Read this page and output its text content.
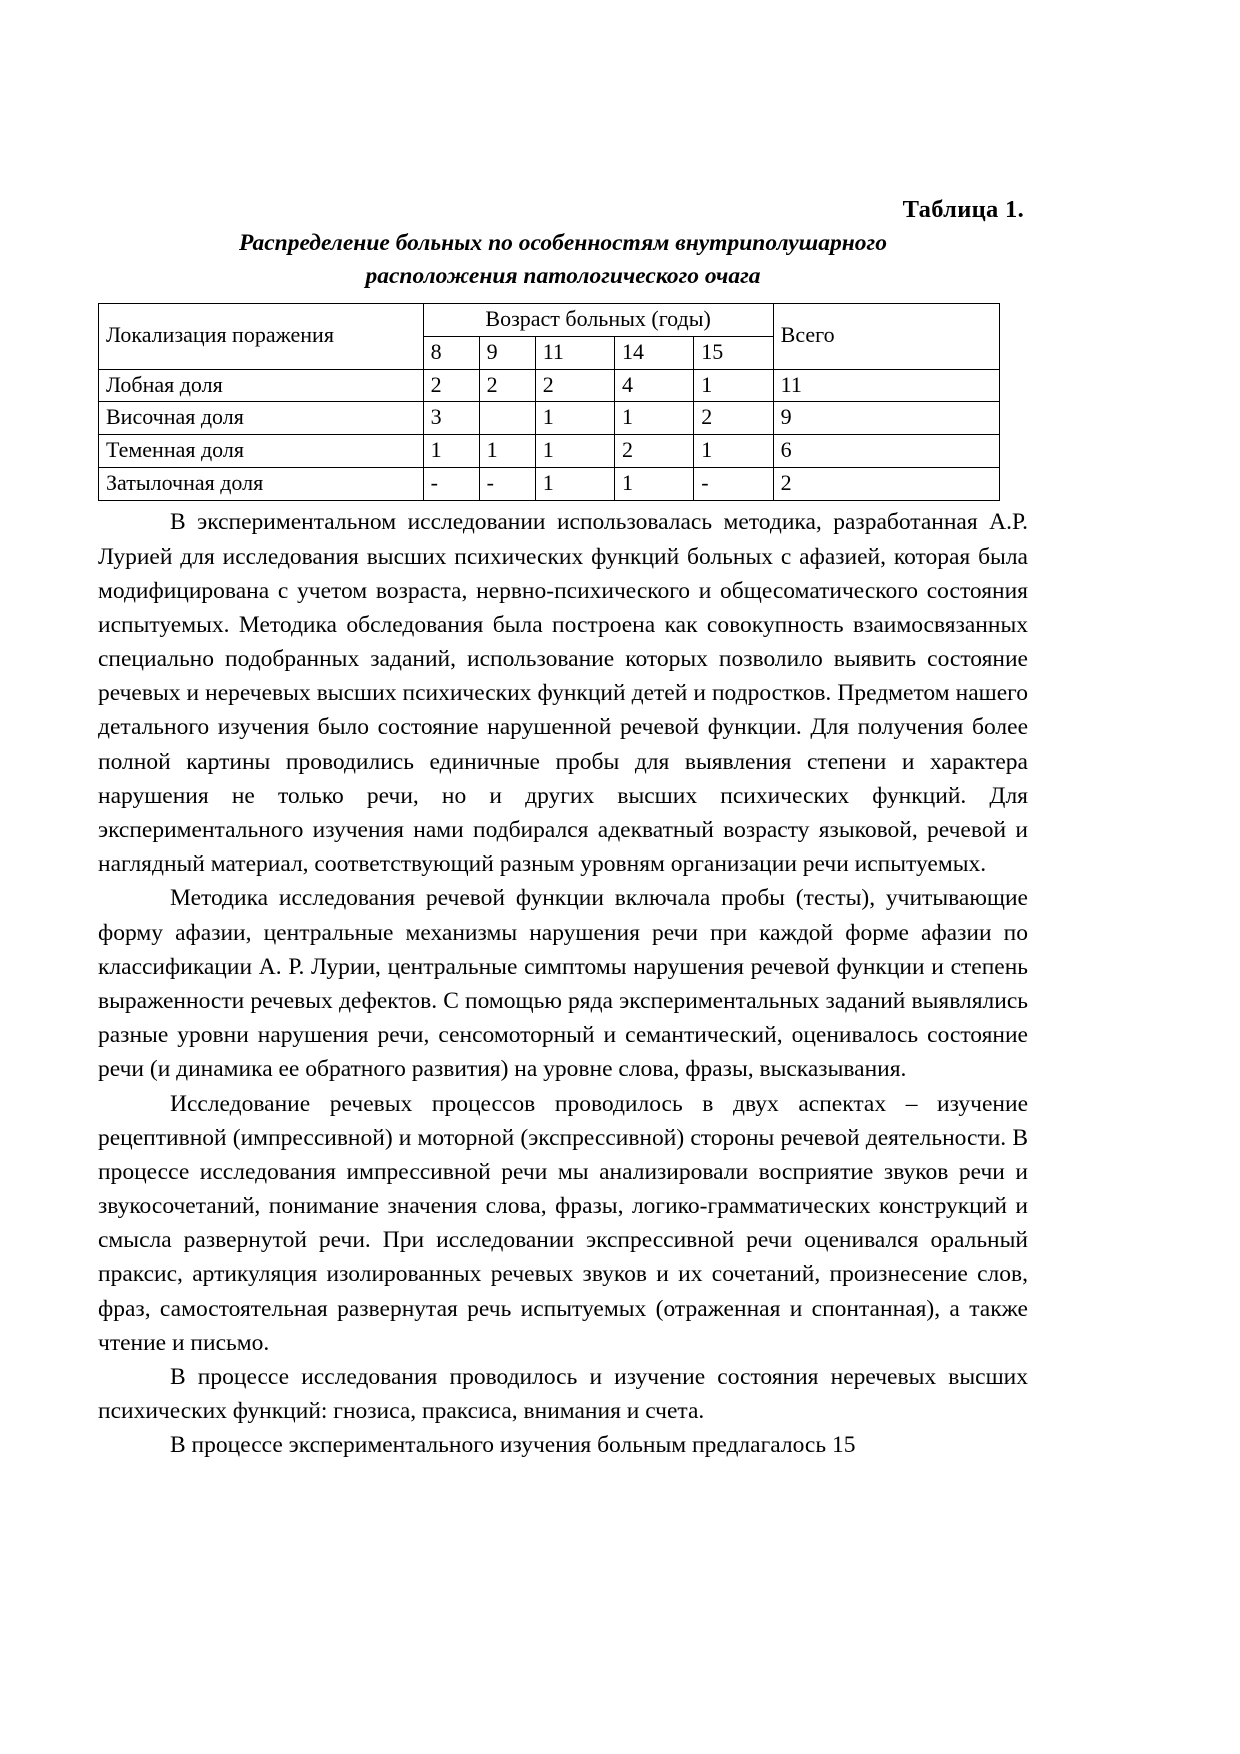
Таблица 1.
Распределение больных по особенностям внутриполушарного
расположения патологического очага
Локализация поражения	Возраст больных (годы)					Всего
	8	9	11	14	15	
Лобная доля	2	2	2	4	1	11
Височная доля	3		1	1	2	9
Теменная доля	1	1	1	2	1	6
Затылочная доля	-	-	1	1	-	2

В экспериментальном исследовании использовалась методика, разработанная А.Р. Лурией для исследования высших психических функций больных с афазией, которая была модифицирована с учетом возраста, нервно-психического и общесоматического состояния испытуемых. Методика обследования была построена как совокупность взаимосвязанных специально подобранных заданий, использование которых позволило выявить состояние речевых и неречевых высших психических функций детей и подростков. Предметом нашего детального изучения было состояние нарушенной речевой функции. Для получения более полной картины проводились единичные пробы для выявления степени и характера нарушения не только речи, но и других высших психических функций. Для экспериментального изучения нами подбирался адекватный возрасту языковой, речевой и наглядный материал, соответствующий разным уровням организации речи испытуемых.

Методика исследования речевой функции включала пробы (тесты), учитывающие форму афазии, центральные механизмы нарушения речи при каждой форме афазии по классификации А. Р. Лурии, центральные симптомы нарушения речевой функции и степень выраженности речевых дефектов. С помощью ряда экспериментальных заданий выявлялись разные уровни нарушения речи, сенсомоторный и семантический, оценивалось состояние речи (и динамика ее обратного развития) на уровне слова, фразы, высказывания.

Исследование речевых процессов проводилось в двух аспектах – изучение рецептивной (импрессивной) и моторной (экспрессивной) стороны речевой деятельности. В процессе исследования импрессивной речи мы анализировали восприятие звуков речи и звукосочетаний, понимание значения слова, фразы, логико-грамматических конструкций и смысла развернутой речи. При исследовании экспрессивной речи оценивался оральный праксис, артикуляция изолированных речевых звуков и их сочетаний, произнесение слов, фраз, самостоятельная развернутая речь испытуемых (отраженная и спонтанная), а также чтение и письмо.

В процессе исследования проводилось и изучение состояния неречевых высших психических функций: гнозиса, праксиса, внимания и счета.

В процессе экспериментального изучения больным предлагалось 15
